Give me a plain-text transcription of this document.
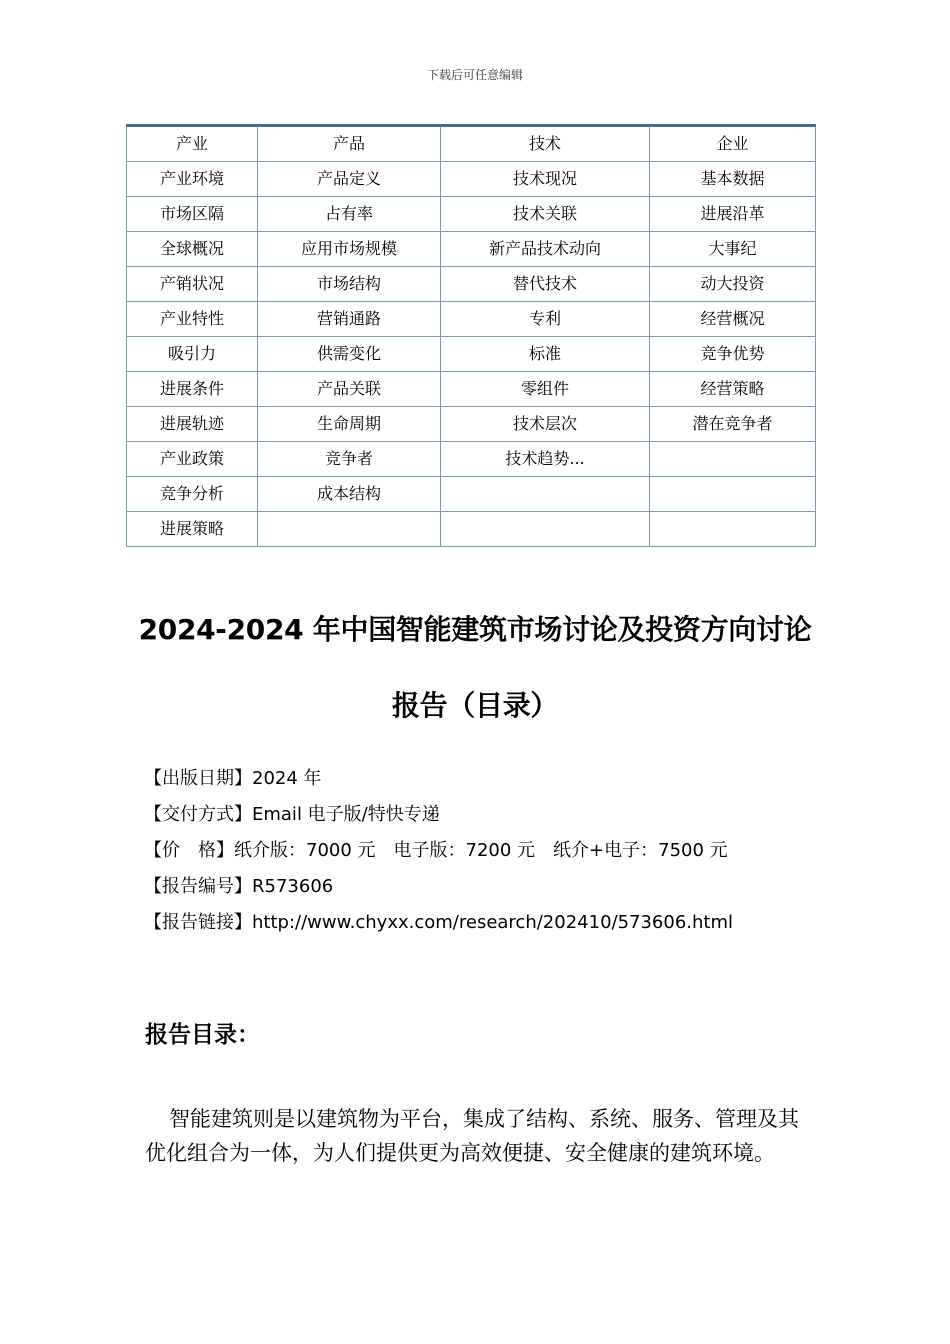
下载后可任意编辑
产业	产品	技术	企业
产业环境	产品定义	技术现况	基本数据
市场区隔	占有率	技术关联	进展沿革
全球概况	应用市场规模	新产品技术动向	大事纪
产销状况	市场结构	替代技术	动大投资
产业特性	营销通路	专利	经营概况
吸引力	供需变化	标准	竞争优势
进展条件	产品关联	零组件	经营策略
进展轨迹	生命周期	技术层次	潜在竞争者
产业政策	竞争者	技术趋势...	
竞争分析	成本结构		
进展策略			
2024-2024 年中国智能建筑市场讨论及投资方向讨论
报告（目录）
【出版日期】2024 年
【交付方式】Email 电子版/特快专递
【价　格】纸介版：7000 元　电子版：7200 元　纸介+电子：7500 元
【报告编号】R573606
【报告链接】http://www.chyxx.com/research/202410/573606.html
报告目录：
智能建筑则是以建筑物为平台，集成了结构、系统、服务、管理及其优化组合为一体，为人们提供更为高效便捷、安全健康的建筑环境。
